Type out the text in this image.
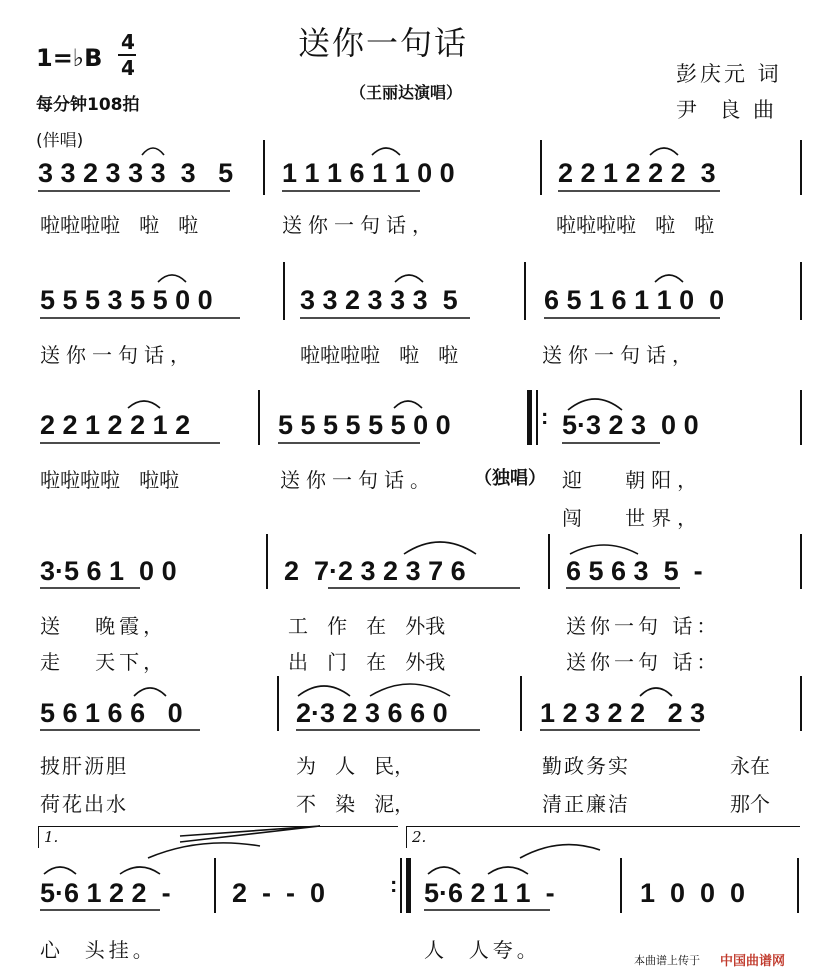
送你一句话
1=♭B
4
4
每分钟108拍
（王丽达演唱）
彭庆元 词
尹  良 曲
(伴唱)
3 3 2 3 3 3  3   5 1 1 1 6 1 1 0 0	2 2 1 2 2 2  3
啦啦啦啦   啦   啦	送你一句话，	啦啦啦啦   啦   啦
5 5 5 3 5 5 0 0	3 3 2 3 3 3  5	6 5 1 6 1 1 0  0
送你一句话，	啦啦啦啦   啦   啦	送你一句话，
2 2 1 2 2 1 2	5 5 5 5 5 5 0 0	: 5·3 2 3  0 0
啦啦啦啦   啦啦	送你一句话。 （独唱） 迎   朝阳，
闯   世界，
3·5 6 1  0 0	2  7·2 3 2 3 7 6	6 5 6 3  5  -
送   晚霞，	工   作   在   外我	送你一句 话：
走   天下，	出   门   在   外我	送你一句 话：
5 6 1 6 6   0	2·3 2 3 6 6 0	1 2 3 2 2   2 3
披肝沥胆	为   人   民，	勤政务实	永在
荷花出水	不   染   泥，	清正廉洁	那个
1.	2.
5·6 1 2 2  - 2  -  -  0	: 5·6 2 1 1  -	1  0  0  0
心  头挂。	人  人夸。	本曲谱上传于 中国曲谱网
